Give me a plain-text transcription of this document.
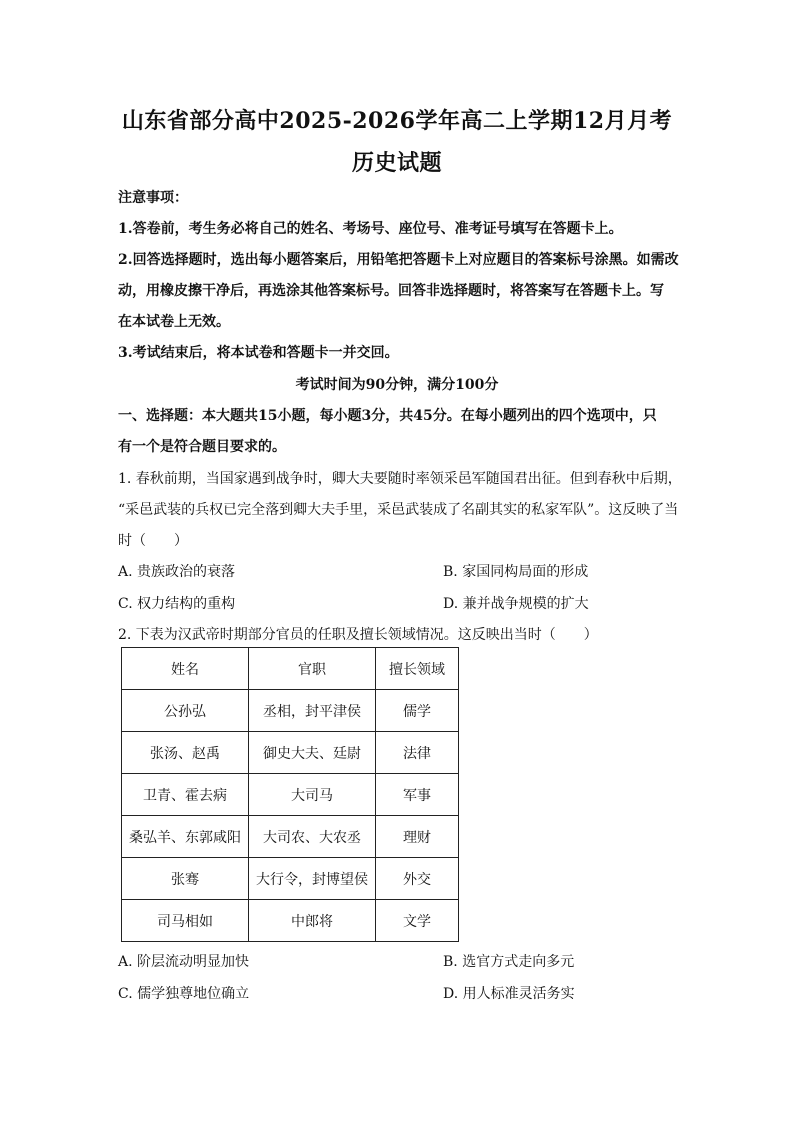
山东省部分高中2025-2026学年高二上学期12月月考
历史试题
注意事项：
1.答卷前，考生务必将自己的姓名、考场号、座位号、准考证号填写在答题卡上。
2.回答选择题时，选出每小题答案后，用铅笔把答题卡上对应题目的答案标号涂黑。如需改
动，用橡皮擦干净后，再选涂其他答案标号。回答非选择题时，将答案写在答题卡上。写
在本试卷上无效。
3.考试结束后，将本试卷和答题卡一并交回。
考试时间为90分钟，满分100分
一、选择题：本大题共15小题，每小题3分，共45分。在每小题列出的四个选项中，只
有一个是符合题目要求的。
1. 春秋前期，当国家遇到战争时，卿大夫要随时率领采邑军随国君出征。但到春秋中后期，
“采邑武装的兵权已完全落到卿大夫手里，采邑武装成了名副其实的私家军队”。这反映了当
时（　　）
A. 贵族政治的衰落	B. 家国同构局面的形成
C. 权力结构的重构	D. 兼并战争规模的扩大
2. 下表为汉武帝时期部分官员的任职及擅长领域情况。这反映出当时（　　）
姓名	官职	擅长领域
公孙弘	丞相，封平津侯	儒学
张汤、赵禹	御史大夫、廷尉	法律
卫青、霍去病	大司马	军事
桑弘羊、东郭咸阳	大司农、大农丞	理财
张骞	大行令，封博望侯	外交
司马相如	中郎将	文学
A. 阶层流动明显加快	B. 选官方式走向多元
C. 儒学独尊地位确立	D. 用人标准灵活务实
